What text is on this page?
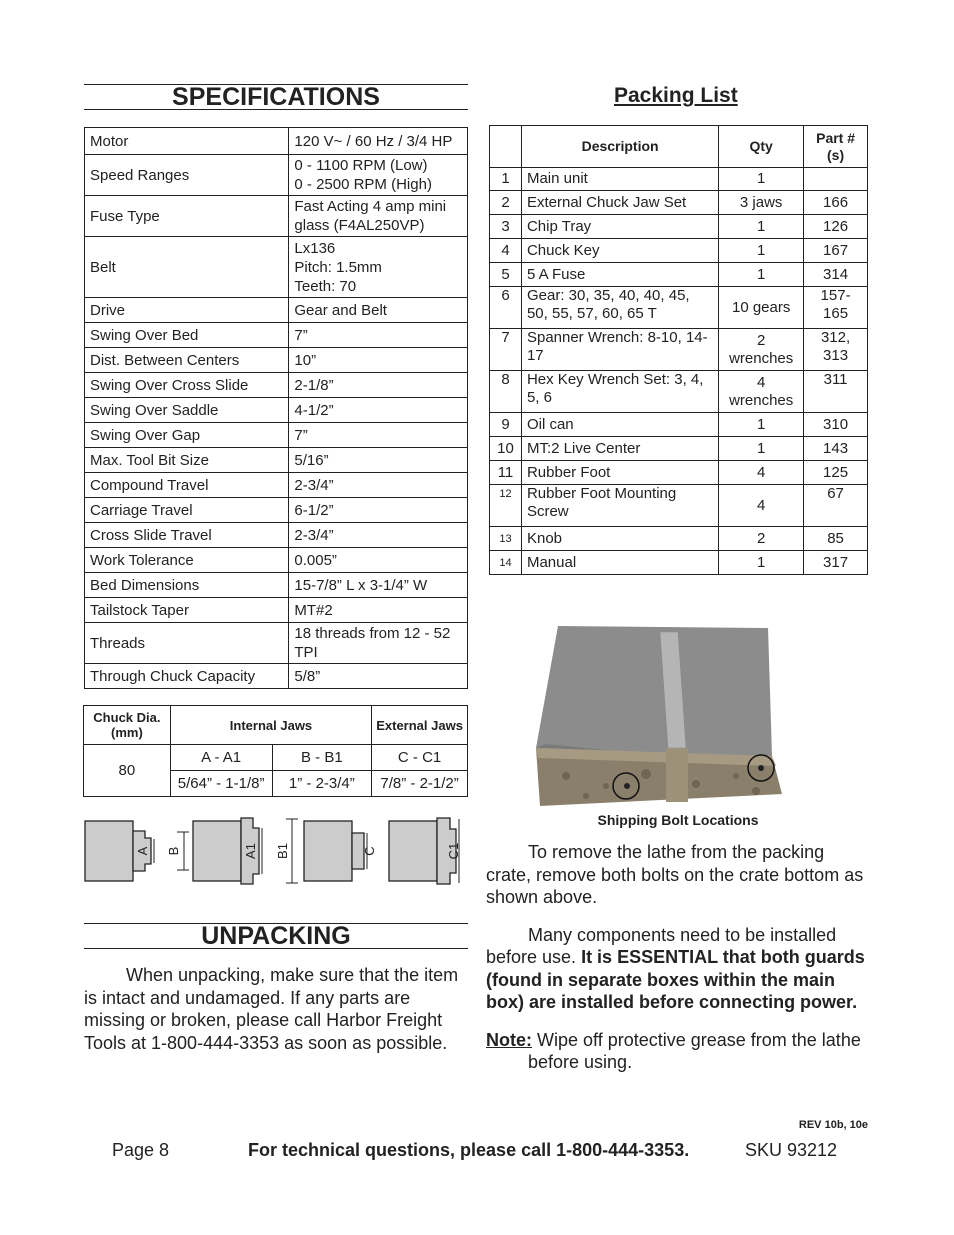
SPECIFICATIONS
Motor	120 V~ / 60 Hz / 3/4 HP
Speed Ranges	0 - 1100 RPM (Low)
0 - 2500 RPM (High)
Fuse Type	Fast Acting 4 amp mini glass (F4AL250VP)
Belt	Lx136
Pitch: 1.5mm
Teeth: 70
Drive	Gear and Belt
Swing Over Bed	7”
Dist. Between Centers	10”
Swing Over Cross Slide	2-1/8”
Swing Over Saddle	4-1/2”
Swing Over Gap	7”
Max. Tool Bit Size	5/16”
Compound Travel	2-3/4”
Carriage Travel	6-1/2”
Cross Slide Travel	2-3/4”
Work Tolerance	0.005”
Bed Dimensions	15-7/8” L x 3-1/4” W
Tailstock Taper	MT#2
Threads	18 threads from 12 - 52 TPI
Through Chuck Capacity	5/8”
Chuck Dia. (mm)	Internal Jaws		External Jaws
80	A - A1	B - B1	C - C1
	5/64” - 1-1/8”	1” - 2-3/4”	7/8” - 2-1/2”
A B	A1 B1	C	C1
UNPACKING

When unpacking, make sure that the item is intact and undamaged. If any parts are missing or broken, please call Harbor Freight Tools at 1-800-444-3353 as soon as possible.

Packing List
	Description	Qty	Part #(s)
1	Main unit	1	
2	External Chuck Jaw Set	3 jaws	166
3	Chip Tray	1	126
4	Chuck Key	1	167
5	5 A Fuse	1	314
6	Gear: 30, 35, 40, 40, 45, 50, 55, 57, 60, 65 T	10 gears	157-
165
7	Spanner Wrench: 8-10, 14-17	2 wrenches	312,
313
8	Hex Key Wrench Set: 3, 4, 5, 6	4 wrenches	311
9	Oil can	1	310
10	MT:2 Live Center	1	143
11	Rubber Foot	4	125
12	Rubber Foot Mounting Screw	4	67
13	Knob	2	85
14	Manual	1	317
Shipping Bolt Locations

To remove the lathe from the packing crate, remove both bolts on the crate bottom as shown above.

Many components need to be installed before use. It is ESSENTIAL that both guards (found in separate boxes within the main box) are installed before connecting power.

Note: Wipe off protective grease from the lathe before using.

REV 10b, 10e
Page 8	For technical questions, please call 1-800-444-3353.	SKU 93212
